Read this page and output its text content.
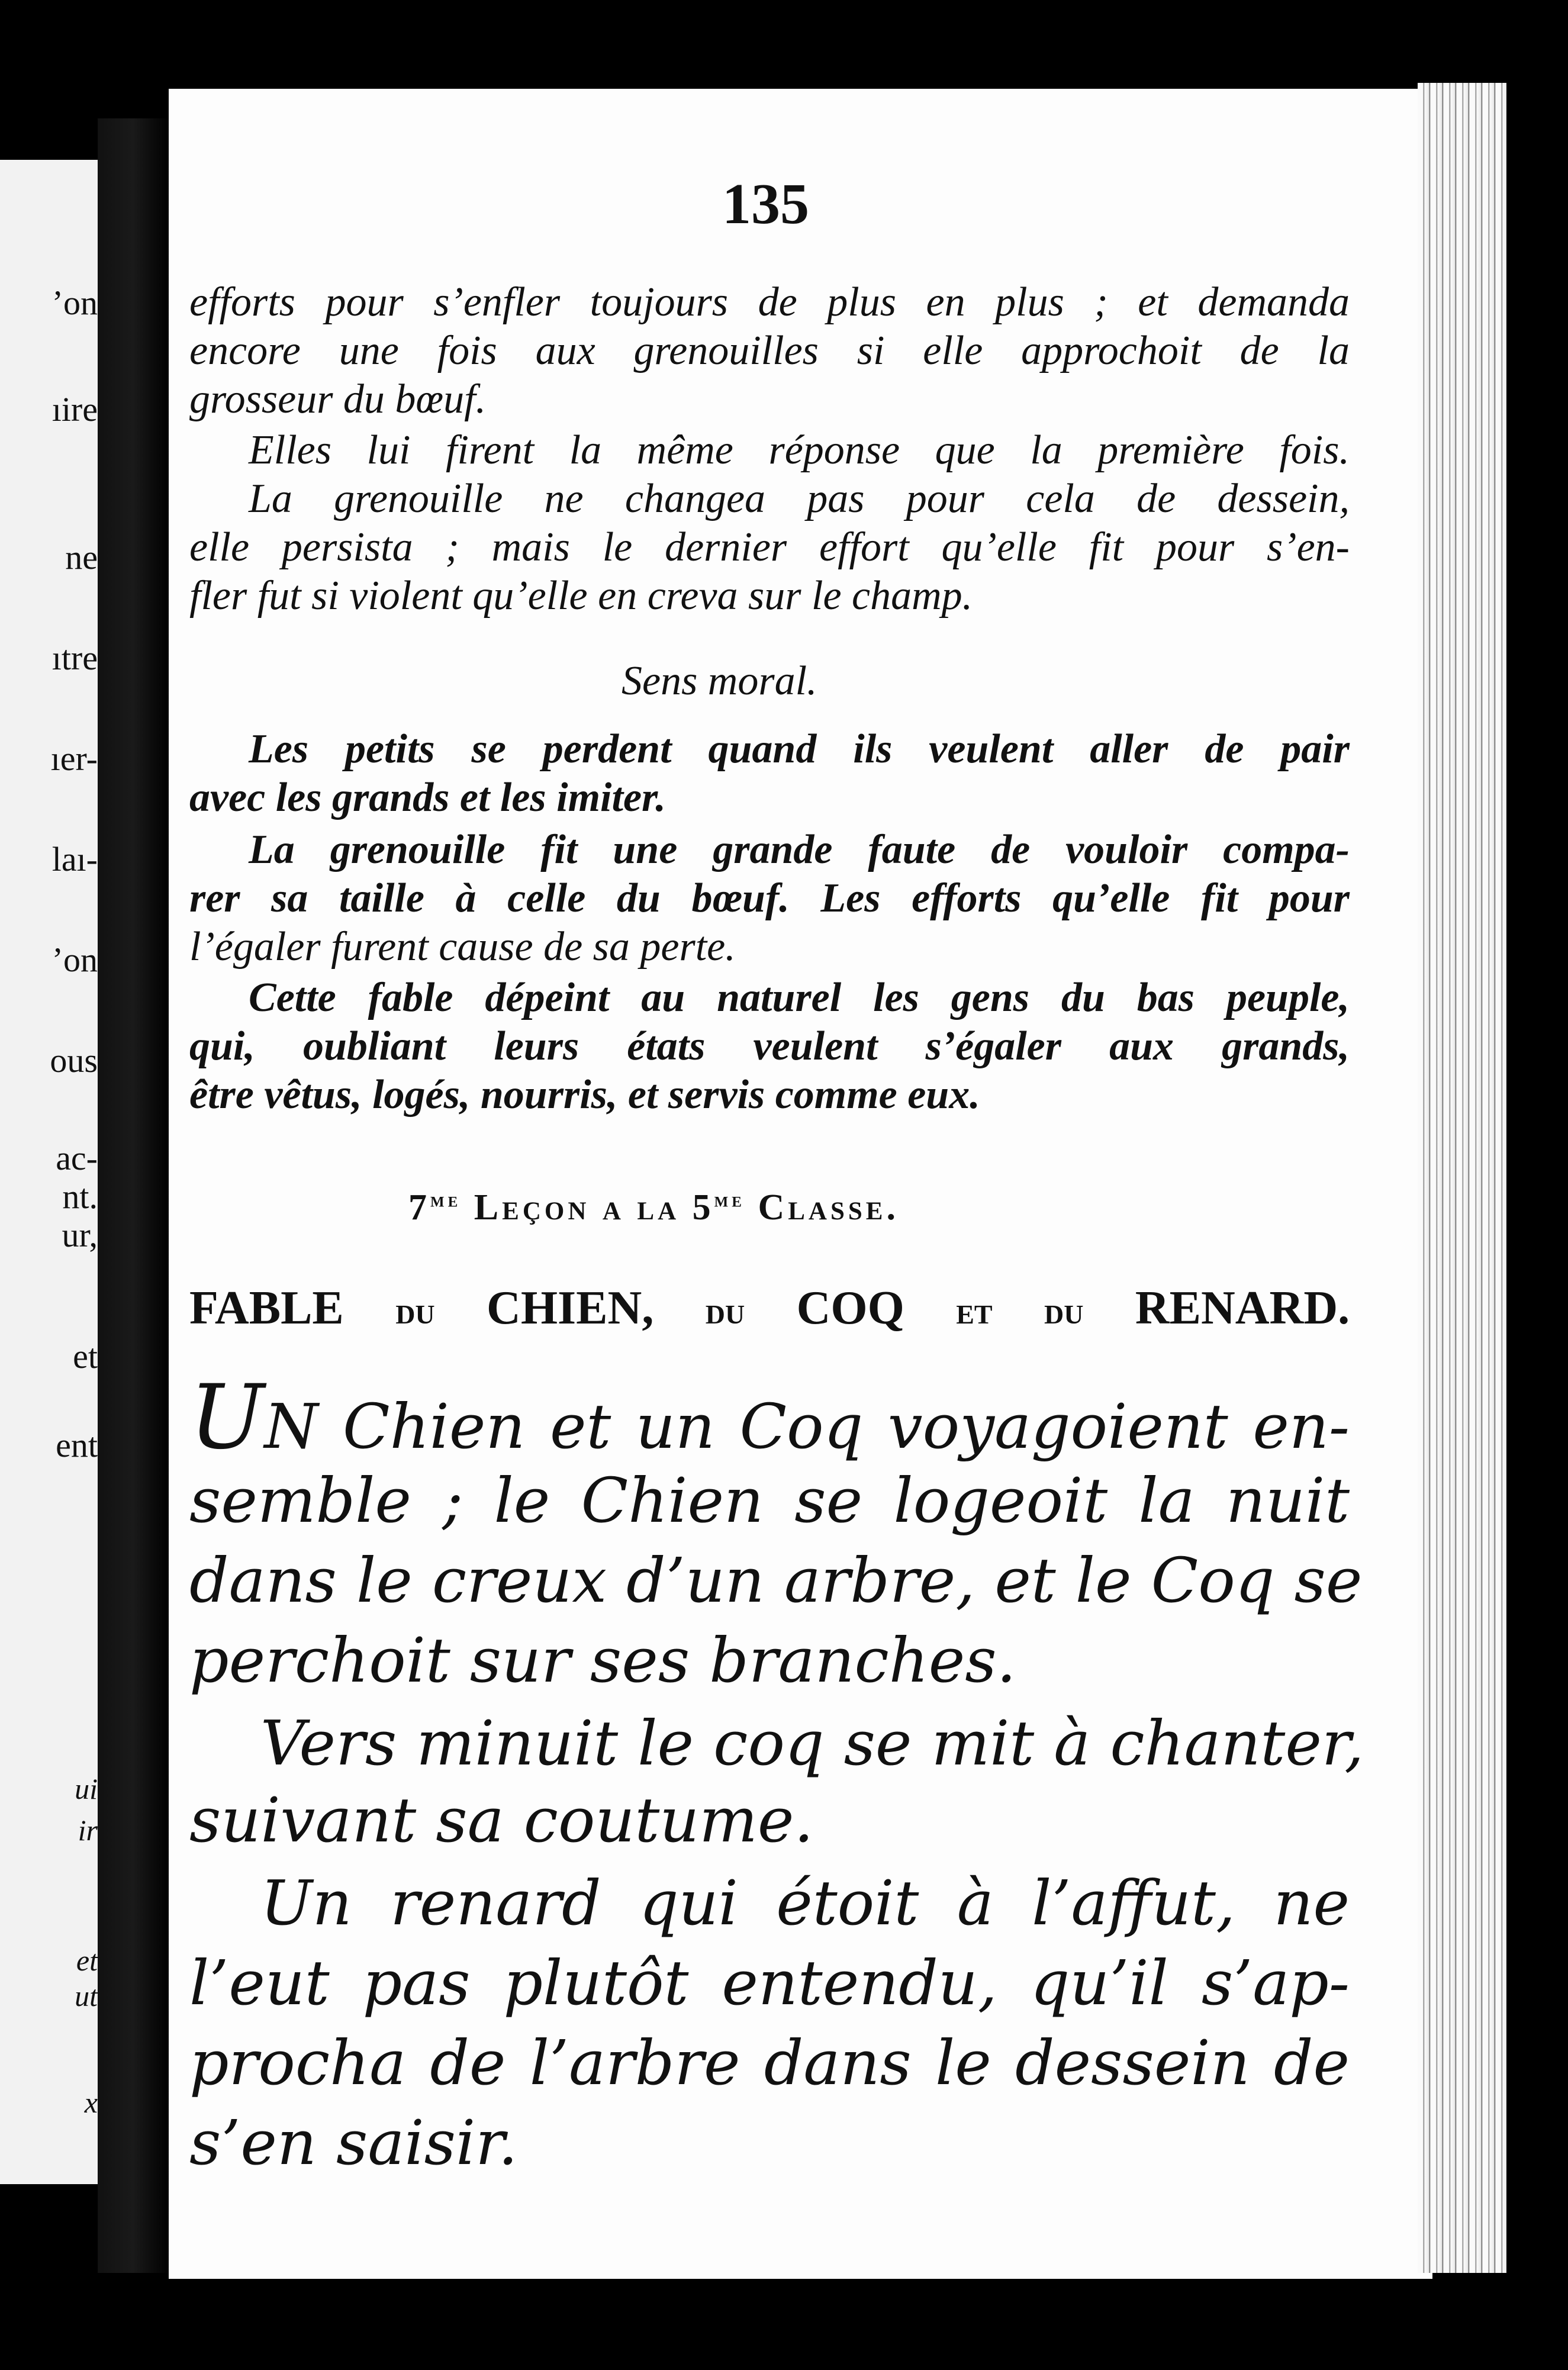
’on
ıire
ne
ıtre
ıer-
laı-
’on
ous
ac-
nt.
ur,
et
ent
ui
ir
et
ut
x
135
efforts pour s’enfler toujours de plus en plus ; et demanda
encore une fois aux grenouilles si elle approchoit de la
grosseur du bœuf.
Elles lui firent la même réponse que la première fois.
La grenouille ne changea pas pour cela de dessein,
elle persista ; mais le dernier effort qu’elle fit pour s’en-
fler fut si violent qu’elle en creva sur le champ.
Sens moral.
Les petits se perdent quand ils veulent aller de pair
avec les grands et les imiter.
La grenouille fit une grande faute de vouloir compa-
rer sa taille à celle du bœuf. Les efforts qu’elle fit pour
l’égaler furent cause de sa perte.
Cette fable dépeint au naturel les gens du bas peuple,
qui, oubliant leurs états veulent s’égaler aux grands,
être vêtus, logés, nourris, et servis comme eux.
$7^{me}$ Leçon a la $5^{me}$ Classe.
FABLE du CHIEN, du COQ et du RENARD.
UN Chien et un Coq voyagoient en-
semble ; le Chien se logeoit la nuit
dans le creux d’un arbre, et le Coq se
perchoit sur ses branches.
Vers minuit le coq se mit à chanter,
suivant sa coutume.
Un renard qui étoit à l’affut, ne
l’eut pas plutôt entendu, qu’il s’ap-
procha de l’arbre dans le dessein de
s’en saisir.
